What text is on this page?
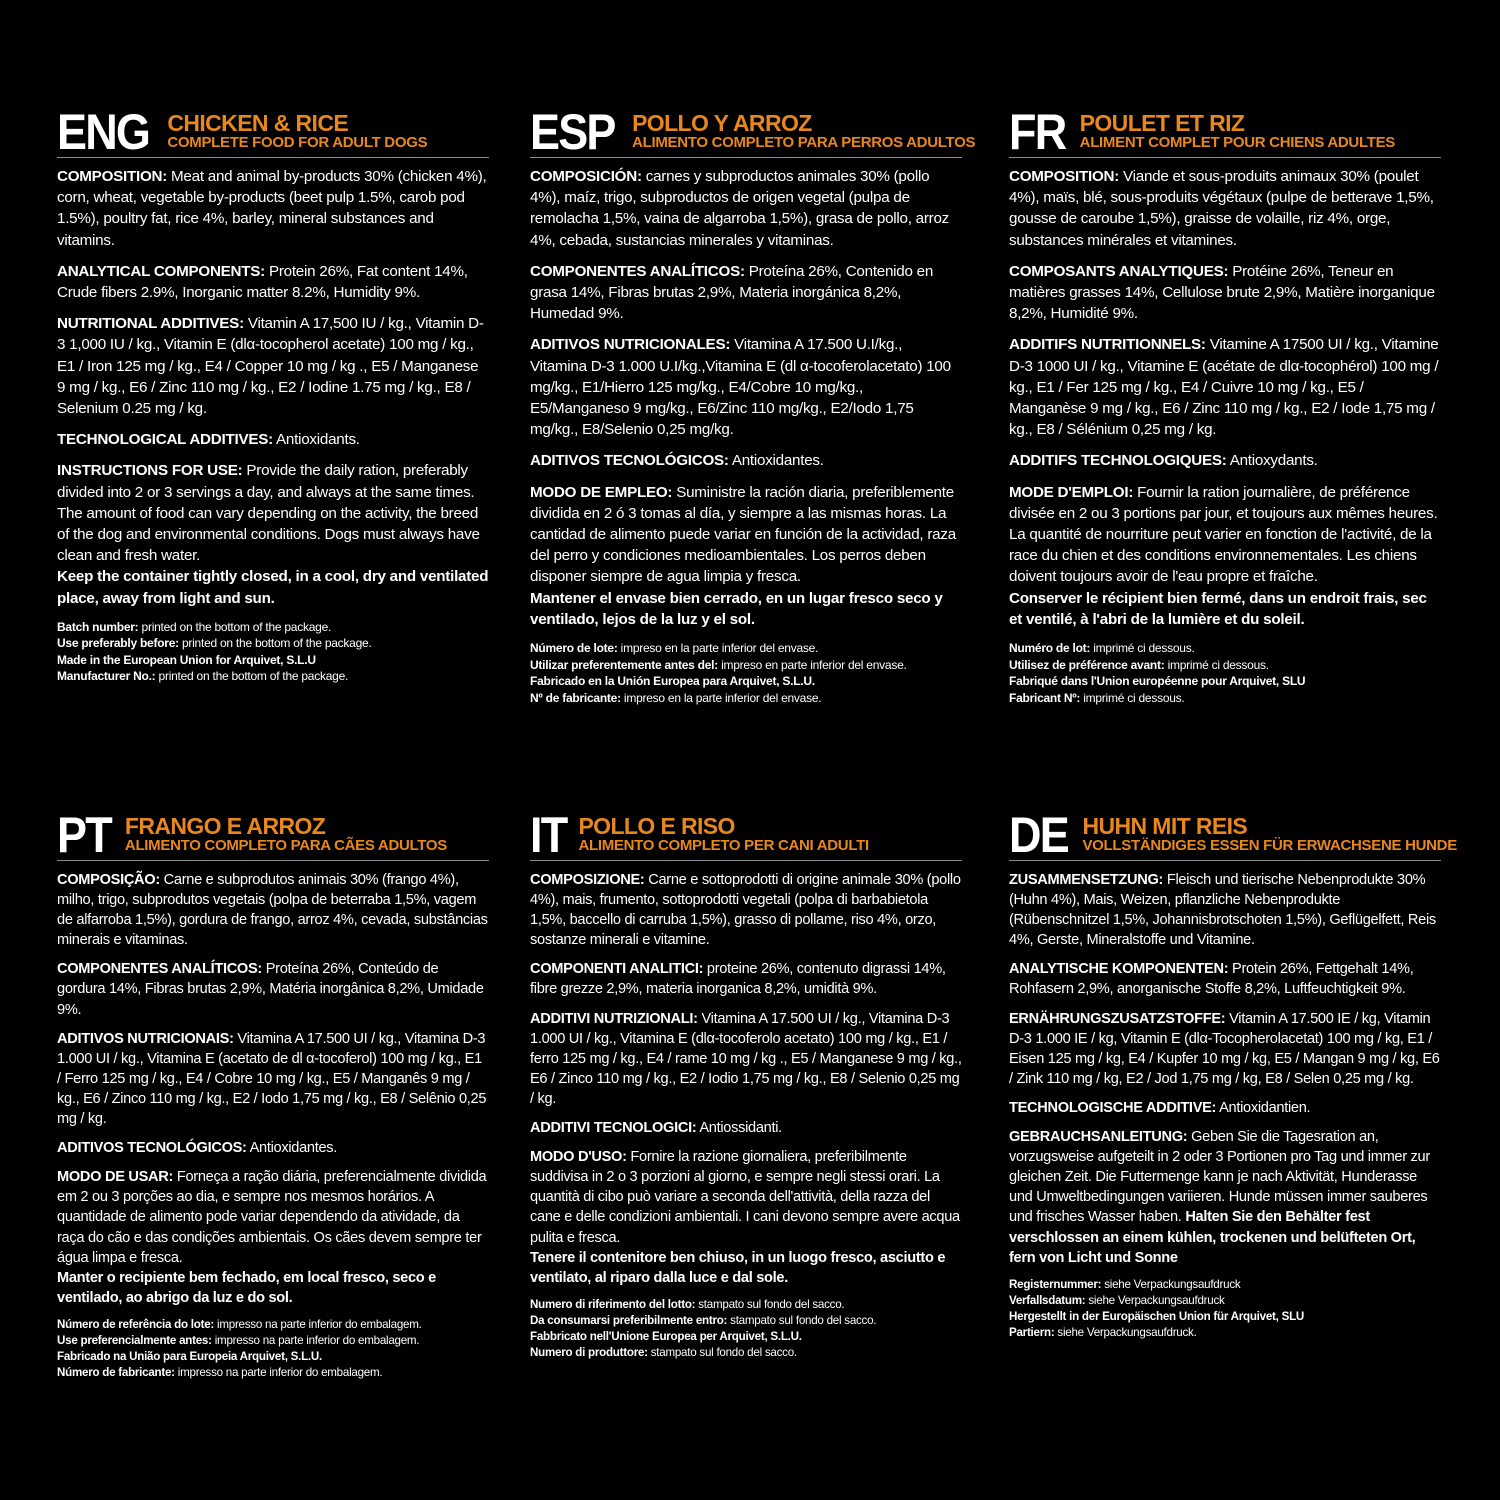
ENG CHICKEN & RICE
COMPLETE FOOD FOR ADULT DOGS

COMPOSITION: Meat and animal by-products 30% (chicken 4%), corn, wheat, vegetable by-products (beet pulp 1.5%, carob pod 1.5%), poultry fat, rice 4%, barley, mineral substances and vitamins.

ANALYTICAL COMPONENTS: Protein 26%, Fat content 14%, Crude fibers 2.9%, Inorganic matter 8.2%, Humidity 9%.

NUTRITIONAL ADDITIVES: Vitamin A 17,500 IU / kg., Vitamin D-3 1,000 IU / kg., Vitamin E (dlα-tocopherol acetate) 100 mg / kg., E1 / Iron 125 mg / kg., E4 / Copper 10 mg / kg ., E5 / Manganese 9 mg / kg., E6 / Zinc 110 mg / kg., E2 / Iodine 1.75 mg / kg., E8 / Selenium 0.25 mg / kg.

TECHNOLOGICAL ADDITIVES: Antioxidants.

INSTRUCTIONS FOR USE: Provide the daily ration, preferably divided into 2 or 3 servings a day, and always at the same times. The amount of food can vary depending on the activity, the breed of the dog and environmental conditions. Dogs must always have clean and fresh water.

Keep the container tightly closed, in a cool, dry and ventilated place, away from light and sun.

Batch number: printed on the bottom of the package.
Use preferably before: printed on the bottom of the package.
Made in the European Union for Arquivet, S.L.U
Manufacturer No.: printed on the bottom of the package.
ESP POLLO Y ARROZ
ALIMENTO COMPLETO PARA PERROS ADULTOS

COMPOSICIÓN: carnes y subproductos animales 30% (pollo 4%), maíz, trigo, subproductos de origen vegetal (pulpa de remolacha 1,5%, vaina de algarroba 1,5%), grasa de pollo, arroz 4%, cebada, sustancias minerales y vitaminas.

COMPONENTES ANALÍTICOS: Proteína 26%, Contenido en grasa 14%, Fibras brutas 2,9%, Materia inorgánica 8,2%, Humedad 9%.

ADITIVOS NUTRICIONALES: Vitamina A 17.500 U.I/kg., Vitamina D-3 1.000 U.I/kg.,Vitamina E (dl α-tocoferolacetato) 100 mg/kg., E1/Hierro 125 mg/kg., E4/Cobre 10 mg/kg., E5/Manganeso 9 mg/kg., E6/Zinc 110 mg/kg., E2/Iodo 1,75 mg/kg., E8/Selenio 0,25 mg/kg.

ADITIVOS TECNOLÓGICOS: Antioxidantes.

MODO DE EMPLEO: Suministre la ración diaria, preferiblemente dividida en 2 ó 3 tomas al día, y siempre a las mismas horas. La cantidad de alimento puede variar en función de la actividad, raza del perro y condiciones medioambientales. Los perros deben disponer siempre de agua limpia y fresca.

Mantener el envase bien cerrado, en un lugar fresco seco y ventilado, lejos de la luz y el sol.

Número de lote: impreso en la parte inferior del envase.
Utilizar preferentemente antes del: impreso en parte inferior del envase.
Fabricado en la Unión Europea para Arquivet, S.L.U.
Nº de fabricante: impreso en la parte inferior del envase.
FR POULET ET RIZ
ALIMENT COMPLET POUR CHIENS ADULTES

COMPOSITION: Viande et sous-produits animaux 30% (poulet 4%), maïs, blé, sous-produits végétaux (pulpe de betterave 1,5%, gousse de caroube 1,5%), graisse de volaille, riz 4%, orge, substances minérales et vitamines.

COMPOSANTS ANALYTIQUES: Protéine 26%, Teneur en matières grasses 14%, Cellulose brute 2,9%, Matière inorganique 8,2%, Humidité 9%.

ADDITIFS NUTRITIONNELS: Vitamine A 17500 UI / kg., Vitamine D-3 1000 UI / kg., Vitamine E (acétate de dlα-tocophérol) 100 mg / kg., E1 / Fer 125 mg / kg., E4 / Cuivre 10 mg / kg., E5 / Manganèse 9 mg / kg., E6 / Zinc 110 mg / kg., E2 / Iode 1,75 mg / kg., E8 / Sélénium 0,25 mg / kg.

ADDITIFS TECHNOLOGIQUES: Antioxydants.

MODE D'EMPLOI: Fournir la ration journalière, de préférence divisée en 2 ou 3 portions par jour, et toujours aux mêmes heures. La quantité de nourriture peut varier en fonction de l'activité, de la race du chien et des conditions environnementales. Les chiens doivent toujours avoir de l'eau propre et fraîche.

Conserver le récipient bien fermé, dans un endroit frais, sec et ventilé, à l'abri de la lumière et du soleil.

Numéro de lot: imprimé ci dessous.
Utilisez de préférence avant: imprimé ci dessous.
Fabriqué dans l'Union européenne pour Arquivet, SLU
Fabricant Nº: imprimé ci dessous.
PT FRANGO E ARROZ
ALIMENTO COMPLETO PARA CÃES ADULTOS

COMPOSIÇÃO: Carne e subprodutos animais 30% (frango 4%), milho, trigo, subprodutos vegetais (polpa de beterraba 1,5%, vagem de alfarroba 1,5%), gordura de frango, arroz 4%, cevada, substâncias minerais e vitaminas.

COMPONENTES ANALÍTICOS: Proteína 26%, Conteúdo de gordura 14%, Fibras brutas 2,9%, Matéria inorgânica 8,2%, Umidade 9%.

ADITIVOS NUTRICIONAIS: Vitamina A 17.500 UI / kg., Vitamina D-3 1.000 UI / kg., Vitamina E (acetato de dl α-tocoferol) 100 mg / kg., E1 / Ferro 125 mg / kg., E4 / Cobre 10 mg / kg., E5 / Manganês 9 mg / kg., E6 / Zinco 110 mg / kg., E2 / Iodo 1,75 mg / kg., E8 / Selênio 0,25 mg / kg.

ADITIVOS TECNOLÓGICOS: Antioxidantes.

MODO DE USAR: Forneça a ração diária, preferencialmente dividida em 2 ou 3 porções ao dia, e sempre nos mesmos horários. A quantidade de alimento pode variar dependendo da atividade, da raça do cão e das condições ambientais. Os cães devem sempre ter água limpa e fresca.

Manter o recipiente bem fechado, em local fresco, seco e ventilado, ao abrigo da luz e do sol.

Número de referência do lote: impresso na parte inferior do embalagem.
Use preferencialmente antes: impresso na parte inferior do embalagem.
Fabricado na União para Europeia Arquivet, S.L.U.
Número de fabricante: impresso na parte inferior do embalagem.
IT POLLO E RISO
ALIMENTO COMPLETO PER CANI ADULTI

COMPOSIZIONE: Carne e sottoprodotti di origine animale 30% (pollo 4%), mais, frumento, sottoprodotti vegetali (polpa di barbabietola 1,5%, baccello di carruba 1,5%), grasso di pollame, riso 4%, orzo, sostanze minerali e vitamine.

COMPONENTI ANALITICI: proteine 26%, contenuto digrassi 14%, fibre grezze 2,9%, materia inorganica 8,2%, umidità 9%.

ADDITIVI NUTRIZIONALI: Vitamina A 17.500 UI / kg., Vitamina D-3 1.000 UI / kg., Vitamina E (dlα-tocoferolo acetato) 100 mg / kg., E1 / ferro 125 mg / kg., E4 / rame 10 mg / kg ., E5 / Manganese 9 mg / kg., E6 / Zinco 110 mg / kg., E2 / Iodio 1,75 mg / kg., E8 / Selenio 0,25 mg / kg.

ADDITIVI TECNOLOGICI: Antiossidanti.

MODO D'USO: Fornire la razione giornaliera, preferibilmente suddivisa in 2 o 3 porzioni al giorno, e sempre negli stessi orari. La quantità di cibo può variare a seconda dell'attività, della razza del cane e delle condizioni ambientali. I cani devono sempre avere acqua pulita e fresca.

Tenere il contenitore ben chiuso, in un luogo fresco, asciutto e ventilato, al riparo dalla luce e dal sole.

Numero di riferimento del lotto: stampato sul fondo del sacco.
Da consumarsi preferibilmente entro: stampato sul fondo del sacco.
Fabbricato nell'Unione Europea per Arquivet, S.L.U.
Numero di produttore: stampato sul fondo del sacco.
DE HUHN MIT REIS
VOLLSTÄNDIGES ESSEN FÜR ERWACHSENE HUNDE

ZUSAMMENSETZUNG: Fleisch und tierische Nebenprodukte 30% (Huhn 4%), Mais, Weizen, pflanzliche Nebenprodukte (Rübenschnitzel 1,5%, Johannisbrotschoten 1,5%), Geflügelfett, Reis 4%, Gerste, Mineralstoffe und Vitamine.

ANALYTISCHE KOMPONENTEN: Protein 26%, Fettgehalt 14%, Rohfasern 2,9%, anorganische Stoffe 8,2%, Luftfeuchtigkeit 9%.

ERNÄHRUNGSZUSATZSTOFFE: Vitamin A 17.500 IE / kg, Vitamin D-3 1.000 IE / kg, Vitamin E (dlα-Tocopherolacetat) 100 mg / kg, E1 / Eisen 125 mg / kg, E4 / Kupfer 10 mg / kg, E5 / Mangan 9 mg / kg, E6 / Zink 110 mg / kg, E2 / Jod 1,75 mg / kg, E8 / Selen 0,25 mg / kg.

TECHNOLOGISCHE ADDITIVE: Antioxidantien.

GEBRAUCHSANLEITUNG: Geben Sie die Tagesration an, vorzugsweise aufgeteilt in 2 oder 3 Portionen pro Tag und immer zur gleichen Zeit. Die Futtermenge kann je nach Aktivität, Hunderasse und Umweltbedingungen variieren. Hunde müssen immer sauberes und frisches Wasser haben. Halten Sie den Behälter fest verschlossen an einem kühlen, trockenen und belüfteten Ort, fern von Licht und Sonne

Registernummer: siehe Verpackungsaufdruck
Verfallsdatum: siehe Verpackungsaufdruck
Hergestellt in der Europäischen Union für Arquivet, SLU
Partiern: siehe Verpackungsaufdruck.
